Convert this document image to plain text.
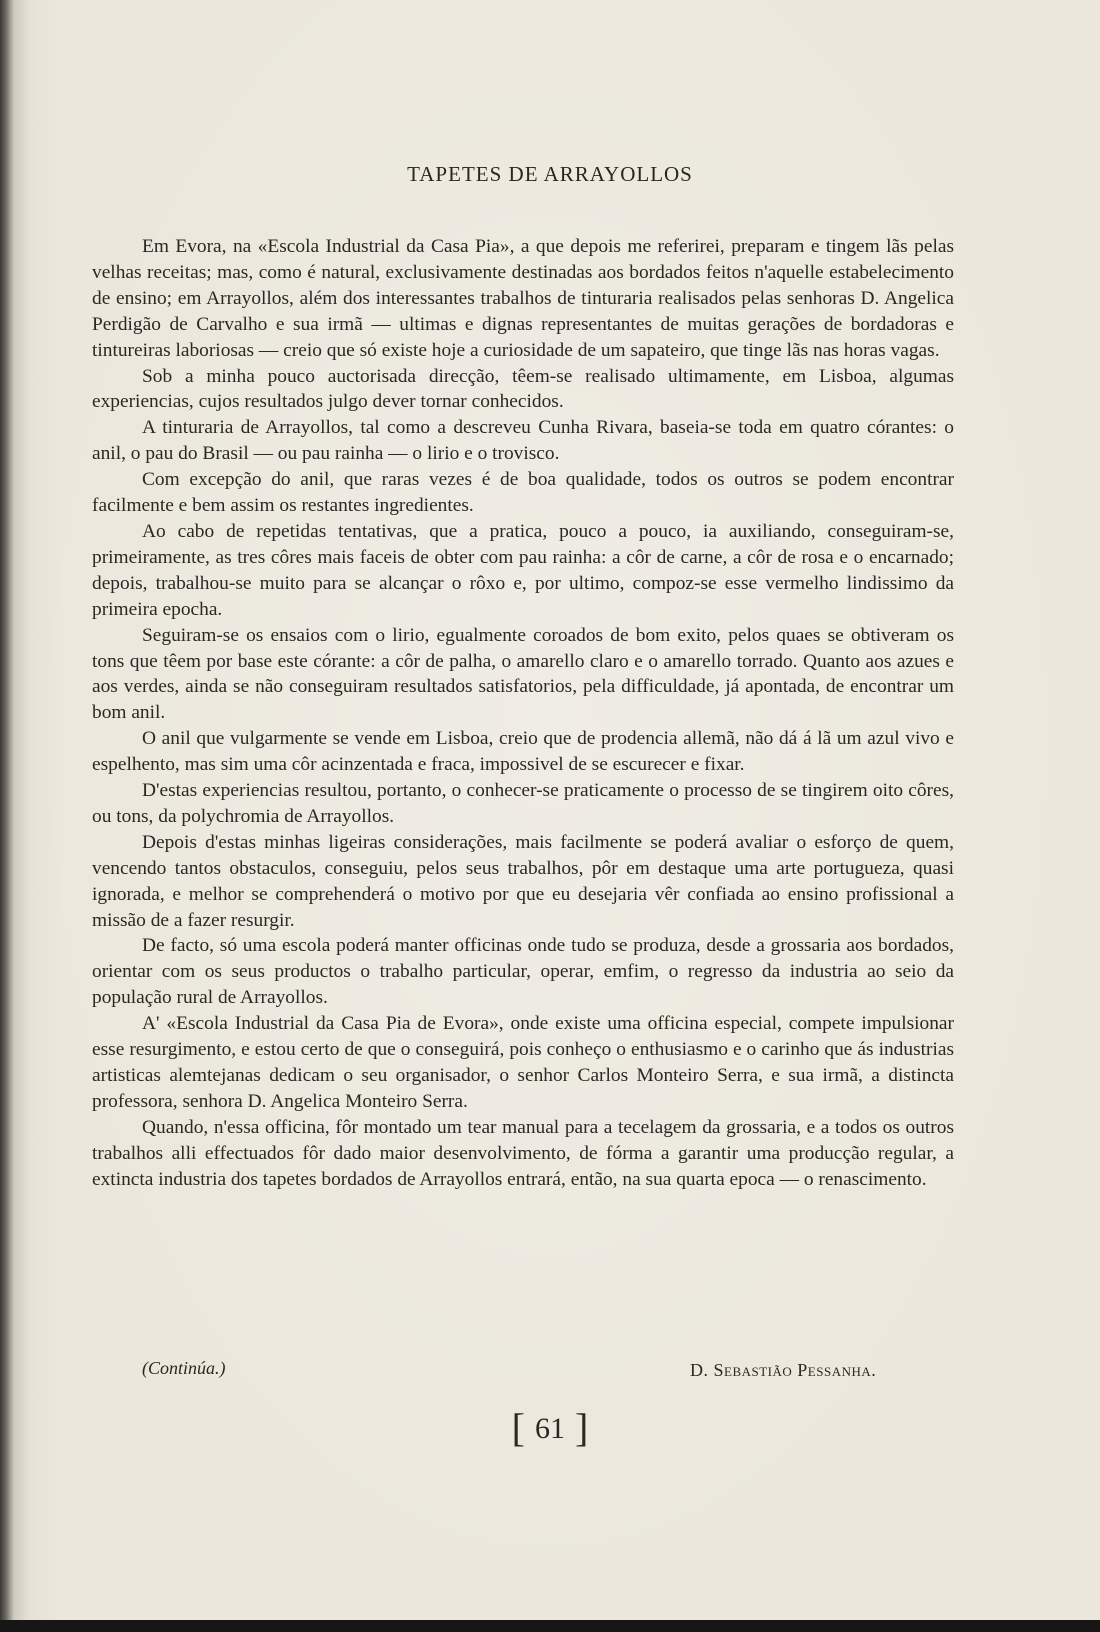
TAPETES DE ARRAYOLLOS

Em Evora, na «Escola Industrial da Casa Pia», a que depois me referirei, preparam e tingem lãs pelas velhas receitas; mas, como é natural, exclusivamente destinadas aos bordados feitos n'aquelle estabelecimento de ensino; em Arrayollos, além dos interessantes trabalhos de tinturaria realisados pelas senhoras D. Angelica Perdigão de Carvalho e sua irmã — ultimas e dignas representantes de muitas gerações de bordadoras e tintureiras laboriosas — creio que só existe hoje a curiosidade de um sapateiro, que tinge lãs nas horas vagas.

Sob a minha pouco auctorisada direcção, têem-se realisado ultimamente, em Lisboa, algumas experiencias, cujos resultados julgo dever tornar conhecidos.

A tinturaria de Arrayollos, tal como a descreveu Cunha Rivara, baseia-se toda em quatro córantes: o anil, o pau do Brasil — ou pau rainha — o lirio e o trovisco.

Com excepção do anil, que raras vezes é de boa qualidade, todos os outros se podem encontrar facilmente e bem assim os restantes ingredientes.

Ao cabo de repetidas tentativas, que a pratica, pouco a pouco, ia auxiliando, conseguiram-se, primeiramente, as tres côres mais faceis de obter com pau rainha: a côr de carne, a côr de rosa e o encarnado; depois, trabalhou-se muito para se alcançar o rôxo e, por ultimo, compoz-se esse vermelho lindissimo da primeira epocha.

Seguiram-se os ensaios com o lirio, egualmente coroados de bom exito, pelos quaes se obtiveram os tons que têem por base este córante: a côr de palha, o amarello claro e o amarello torrado. Quanto aos azues e aos verdes, ainda se não conseguiram resultados satisfatorios, pela difficuldade, já apontada, de encontrar um bom anil.

O anil que vulgarmente se vende em Lisboa, creio que de prodencia allemã, não dá á lã um azul vivo e espelhento, mas sim uma côr acinzentada e fraca, impossivel de se escurecer e fixar.

D'estas experiencias resultou, portanto, o conhecer-se praticamente o processo de se tingirem oito côres, ou tons, da polychromia de Arrayollos.

Depois d'estas minhas ligeiras considerações, mais facilmente se poderá avaliar o esforço de quem, vencendo tantos obstaculos, conseguiu, pelos seus trabalhos, pôr em destaque uma arte portugueza, quasi ignorada, e melhor se comprehenderá o motivo por que eu desejaria vêr confiada ao ensino profissional a missão de a fazer resurgir.

De facto, só uma escola poderá manter officinas onde tudo se produza, desde a grossaria aos bordados, orientar com os seus productos o trabalho particular, operar, emfim, o regresso da industria ao seio da população rural de Arrayollos.

A' «Escola Industrial da Casa Pia de Evora», onde existe uma officina especial, compete impulsionar esse resurgimento, e estou certo de que o conseguirá, pois conheço o enthusiasmo e o carinho que ás industrias artisticas alemtejanas dedicam o seu organisador, o senhor Carlos Monteiro Serra, e sua irmã, a distincta professora, senhora D. Angelica Monteiro Serra.

Quando, n'essa officina, fôr montado um tear manual para a tecelagem da grossaria, e a todos os outros trabalhos alli effectuados fôr dado maior desenvolvimento, de fórma a garantir uma producção regular, a extincta industria dos tapetes bordados de Arrayollos entrará, então, na sua quarta epoca — o renascimento.

(Continúa.)	D. Sebastião Pessanha.
[ 61 ]
